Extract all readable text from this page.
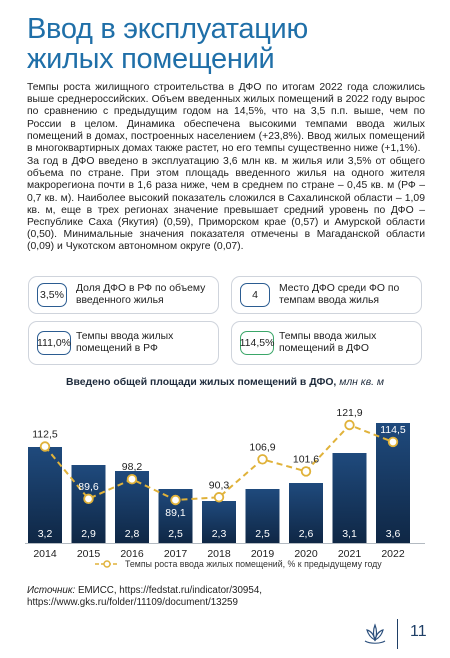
Ввод в эксплуатацию
жилых помещений

Темпы роста жилищного строительства в ДФО по итогам 2022 года сложились выше среднероссийских. Объем введенных жилых помещений в 2022 году вырос по сравнению с предыдущим годом на 14,5%, что на 3,5 п.п. выше, чем по России в целом. Динамика обеспечена высокими темпами ввода жилых помещений в домах, построенных населением (+23,8%). Ввод жилых помещений в многоквартирных домах также растет, но его темпы существенно ниже (+1,1%).

За год в ДФО введено в эксплуатацию 3,6 млн кв. м жилья или 3,5% от общего объема по стране. При этом площадь введенного жилья на одного жителя макрорегиона почти в 1,6 раза ниже, чем в среднем по стране – 0,45 кв. м (РФ – 0,7 кв. м). Наиболее высокий показатель сложился в Сахалинской области – 1,09 кв. м, еще в трех регионах значение превышает средний уровень по ДФО – Республике Саха (Якутия) (0,59), Приморском крае (0,57) и Амурской области (0,50). Минимальные значения показателя отмечены в Магаданской области (0,09) и Чукотском автономном округе (0,07).

3,5%
Доля ДФО в РФ по объему введенного жилья	4
Место ДФО среди ФО по темпам ввода жилья
111,0%
Темпы ввода жилых помещений в РФ	114,5%
Темпы ввода жилых помещений в ДФО
Введено общей площади жилых помещений в ДФО, млн кв. м
3,2	2,9	2,8	2,5	2,3	2,5	2,6	3,1	3,6
112,5
89,6
98,2
89,1
90,3
106,9
101,6
121,9
114,5
2014 2015 2016 2017 2018 2019 2020 2021 2022
Темпы роста ввода жилых помещений, % к предыдущему году
Источник: ЕМИСС, https://fedstat.ru/indicator/30954,
https://www.gks.ru/folder/11109/document/13259
11
